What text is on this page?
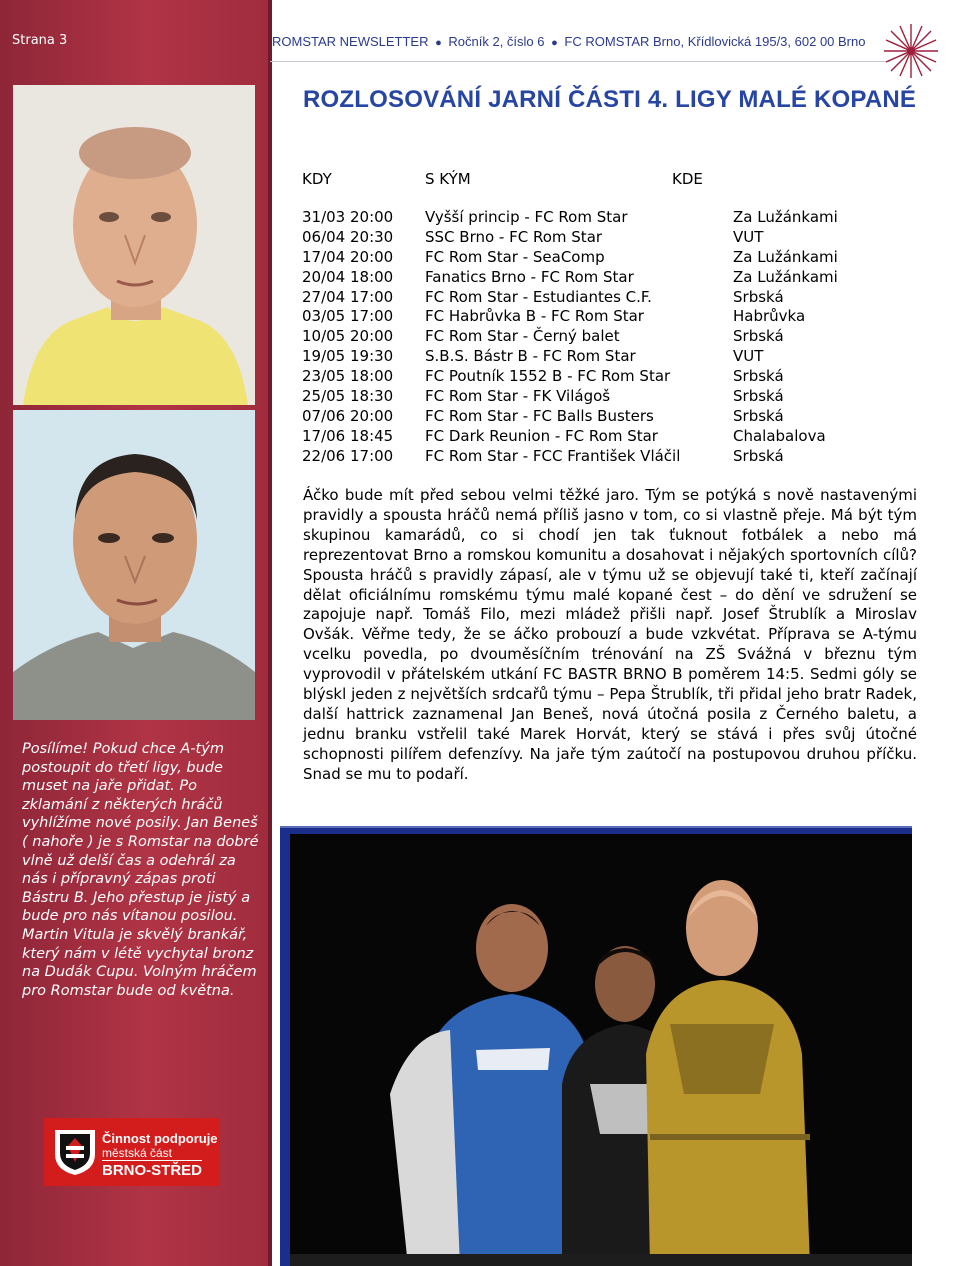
Strana 3	ROMSTAR NEWSLETTER ● Ročník 2, číslo 6 ● FC ROMSTAR Brno, Křídlovická 195/3, 602 00 Brno
Posílíme! Pokud chce A-tým postoupit do třetí ligy, bude muset na jaře přidat. Po zklamání z některých hráčů vyhlížíme nové posily. Jan Beneš ( nahoře ) je s Romstar na dobré vlně už delší čas a odehrál za nás i přípravný zápas proti Bástru B. Jeho přestup je jistý a bude pro nás vítanou posilou. Martin Vitula je skvělý brankář, který nám v létě vychytal bronz na Dudák Cupu. Volným hráčem pro Romstar bude od května.
Činnost podporuje
městská část
BRNO-STŘED
ROZLOSOVÁNÍ JARNÍ ČÁSTI 4. LIGY MALÉ KOPANÉ
KDY	S KÝM	KDE
31/03 20:00 Vyšší princip - FC Rom Star	Za Lužánkami
06/04 20:30 SSC Brno - FC Rom Star	VUT
17/04 20:00 FC Rom Star - SeaComp	Za Lužánkami
20/04 18:00 Fanatics Brno - FC Rom Star	Za Lužánkami
27/04 17:00 FC Rom Star - Estudiantes C.F.	Srbská
03/05 17:00 FC Habrůvka B - FC Rom Star	Habrůvka
10/05 20:00 FC Rom Star - Černý balet	Srbská
19/05 19:30 S.B.S. Bástr B - FC Rom Star	VUT
23/05 18:00 FC Poutník 1552 B - FC Rom Star	Srbská
25/05 18:30 FC Rom Star - FK Világoš	Srbská
07/06 20:00 FC Rom Star - FC Balls Busters	Srbská
17/06 18:45 FC Dark Reunion - FC Rom Star	Chalabalova
22/06 17:00 FC Rom Star - FCC František Vláčil	Srbská
Áčko bude mít před sebou velmi těžké jaro. Tým se potýká s nově nastavenými pravidly a spousta hráčů nemá příliš jasno v tom, co si vlastně přeje. Má být tým skupinou kamarádů, co si chodí jen tak ťuknout fotbálek a nebo má reprezentovat Brno a romskou komunitu a dosahovat i nějakých sportovních cílů? Spousta hráčů s pravidly zápasí, ale v týmu už se objevují také ti, kteří začínají dělat oficiálnímu romskému týmu malé kopané čest – do dění ve sdružení se zapojuje např. Tomáš Filo, mezi mládež přišli např. Josef Štrublík a Miroslav Ovšák. Věřme tedy, že se áčko probouzí a bude vzkvétat. Příprava se A-týmu vcelku povedla, po dvouměsíčním trénování na ZŠ Svážná v březnu tým vyprovodil v přátelském utkání FC BASTR BRNO B poměrem 14:5. Sedmi góly se blýskl jeden z největších srdcařů týmu – Pepa Štrublík, tři přidal jeho bratr Radek, další hattrick zaznamenal Jan Beneš, nová útočná posila z Černého baletu, a jednu branku vstřelil také Marek Horvát, který se stává i přes svůj útočné schopnosti pilířem defenzívy. Na jaře tým zaútočí na postupovou druhou příčku. Snad se mu to podaří.
